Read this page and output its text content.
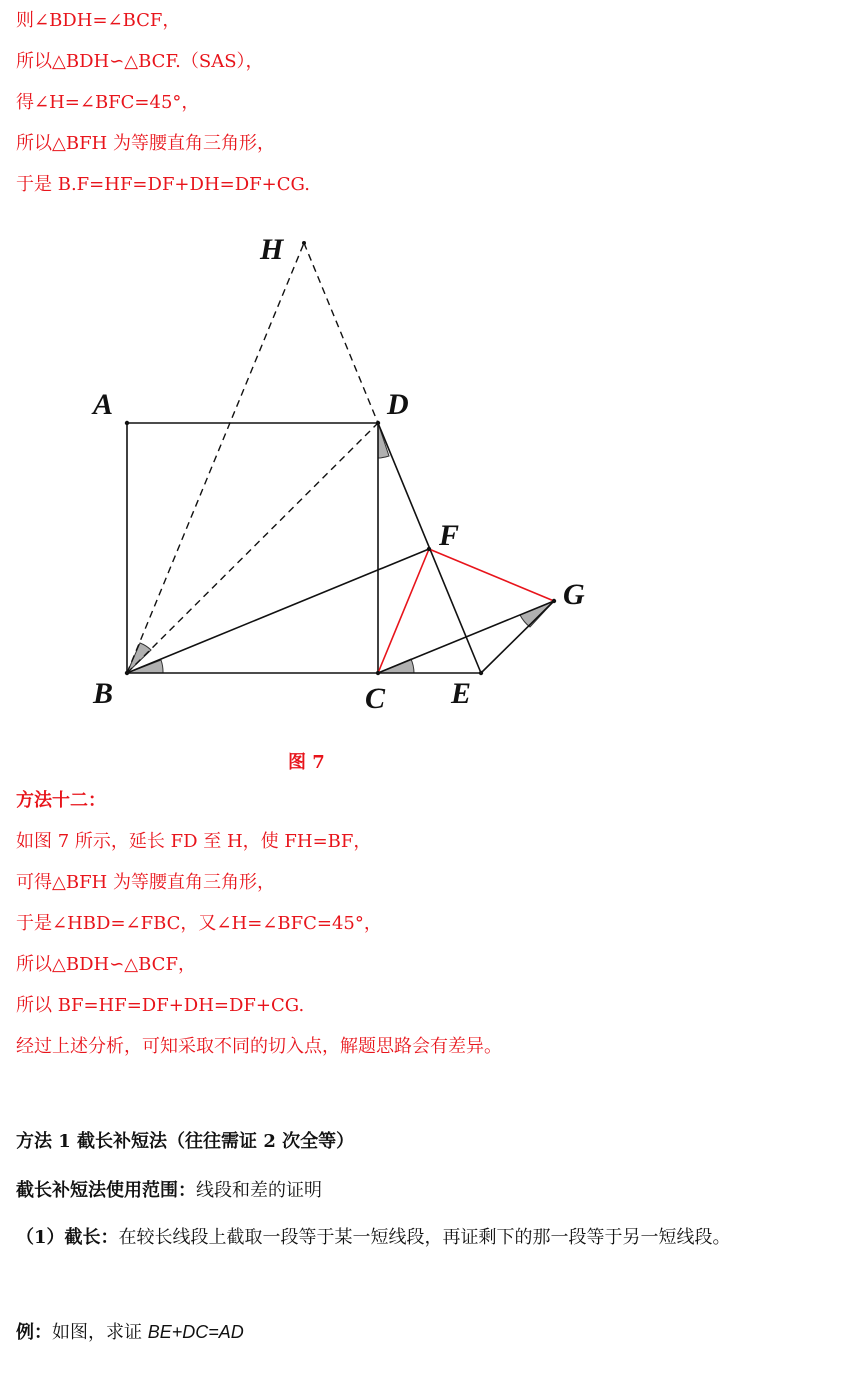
则∠BDH=∠BCF，
所以△BDH∽△BCF.（SAS），
得∠H=∠BFC=45°，
所以△BFH 为等腰直角三角形，
于是 B.F=HF=DF+DH=DF+CG.
H
A	D
F
G
B	C E
图 7
方法十二：
如图 7 所示，延长 FD 至 H，使 FH=BF，
可得△BFH 为等腰直角三角形，
于是∠HBD=∠FBC，又∠H=∠BFC=45°，
所以△BDH∽△BCF，
所以 BF=HF=DF+DH=DF+CG.
经过上述分析，可知采取不同的切入点，解题思路会有差异。
方法 1 截长补短法（往往需证 2 次全等）
截长补短法使用范围：线段和差的证明
（1）截长：在较长线段上截取一段等于某一短线段，再证剩下的那一段等于另一短线段。
例：如图，求证 BE+DC=AD
